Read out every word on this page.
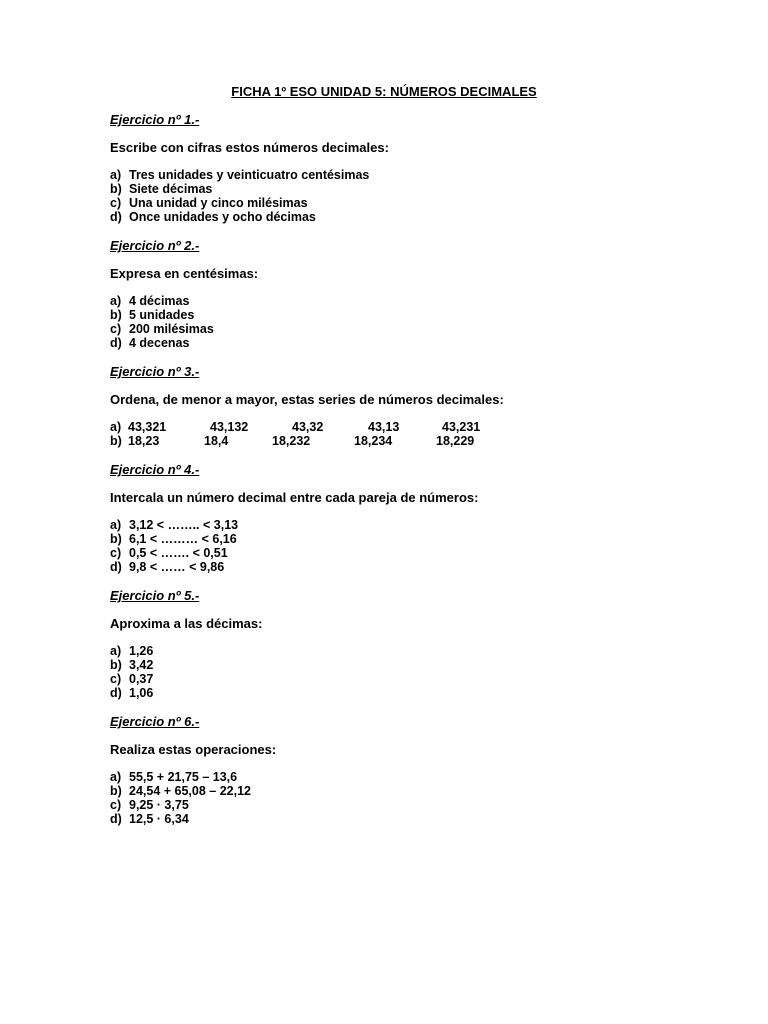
FICHA 1º ESO UNIDAD 5: NÚMEROS DECIMALES
Ejercicio nº 1.-
Escribe con cifras estos números decimales:
a) Tres unidades y veinticuatro centésimas
b) Siete décimas
c) Una unidad y cinco milésimas
d) Once unidades y ocho décimas
Ejercicio nº 2.-
Expresa en centésimas:
a) 4 décimas
b) 5 unidades
c) 200 milésimas
d) 4 decenas
Ejercicio nº 3.-
Ordena, de menor a mayor, estas series de números decimales:
a) 43,321	43,132	43,32	43,13	43,231
b) 18,23	18,4	18,232	18,234	18,229
Ejercicio nº 4.-
Intercala un número decimal entre cada pareja de números:
a) 3,12 < …….. < 3,13
b) 6,1 < ……… < 6,16
c) 0,5 < ……. < 0,51
d) 9,8 < …… < 9,86
Ejercicio nº 5.-
Aproxima a las décimas:
a) 1,26
b) 3,42
c) 0,37
d) 1,06
Ejercicio nº 6.-
Realiza estas operaciones:
a) 55,5 + 21,75 – 13,6
b) 24,54 + 65,08 – 22,12
c) 9,25 · 3,75
d) 12,5 · 6,34
